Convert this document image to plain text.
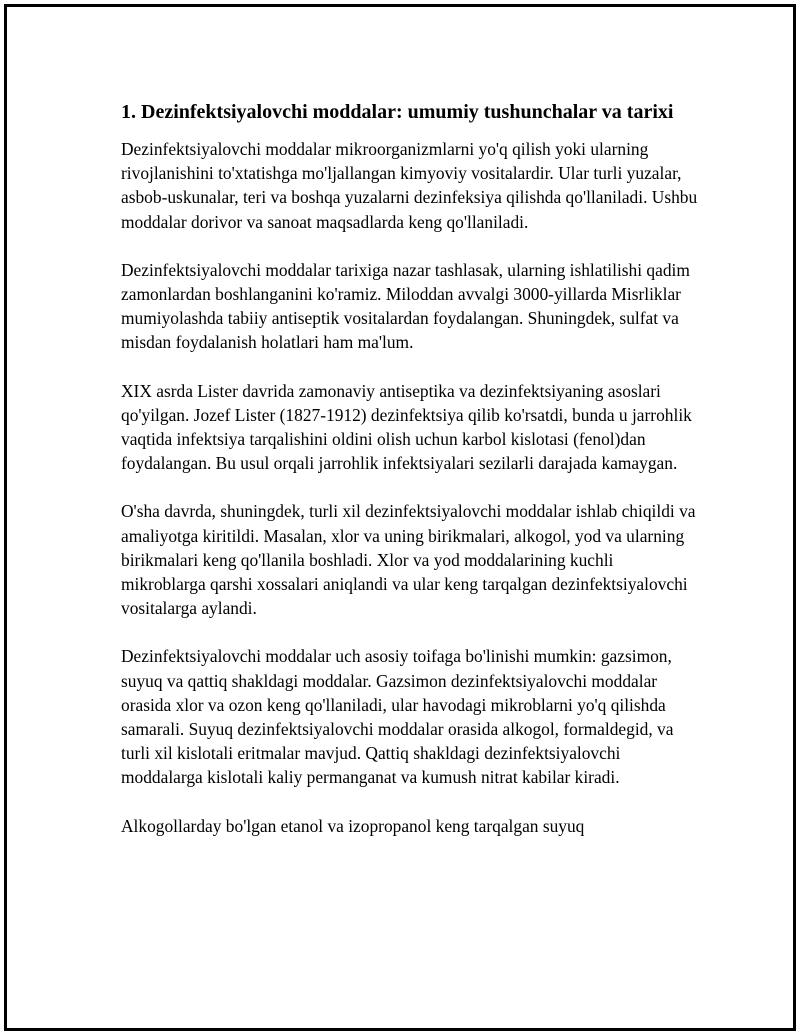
1. Dezinfektsiyalovchi moddalar: umumiy tushunchalar va tarixi

Dezinfektsiyalovchi moddalar mikroorganizmlarni yo'q qilish yoki ularning rivojlanishini to'xtatishga mo'ljallangan kimyoviy vositalardir. Ular turli yuzalar, asbob-uskunalar, teri va boshqa yuzalarni dezinfeksiya qilishda qo'llaniladi. Ushbu moddalar dorivor va sanoat maqsadlarda keng qo'llaniladi.

Dezinfektsiyalovchi moddalar tarixiga nazar tashlasak, ularning ishlatilishi qadim zamonlardan boshlanganini ko'ramiz. Miloddan avvalgi 3000-yillarda Misrliklar mumiyolashda tabiiy antiseptik vositalardan foydalangan. Shuningdek, sulfat va misdan foydalanish holatlari ham ma'lum.

XIX asrda Lister davrida zamonaviy antiseptika va dezinfektsiyaning asoslari qo'yilgan. Jozef Lister (1827-1912) dezinfektsiya qilib ko'rsatdi, bunda u jarrohlik vaqtida infektsiya tarqalishini oldini olish uchun karbol kislotasi (fenol)dan foydalangan. Bu usul orqali jarrohlik infektsiyalari sezilarli darajada kamaygan.

O'sha davrda, shuningdek, turli xil dezinfektsiyalovchi moddalar ishlab chiqildi va amaliyotga kiritildi. Masalan, xlor va uning birikmalari, alkogol, yod va ularning birikmalari keng qo'llanila boshladi. Xlor va yod moddalarining kuchli mikroblarga qarshi xossalari aniqlandi va ular keng tarqalgan dezinfektsiyalovchi vositalarga aylandi.

Dezinfektsiyalovchi moddalar uch asosiy toifaga bo'linishi mumkin: gazsimon, suyuq va qattiq shakldagi moddalar. Gazsimon dezinfektsiyalovchi moddalar orasida xlor va ozon keng qo'llaniladi, ular havodagi mikroblarni yo'q qilishda samarali. Suyuq dezinfektsiyalovchi moddalar orasida alkogol, formaldegid, va turli xil kislotali eritmalar mavjud. Qattiq shakldagi dezinfektsiyalovchi moddalarga kislotali kaliy permanganat va kumush nitrat kabilar kiradi.

Alkogollarday bo'lgan etanol va izopropanol keng tarqalgan suyuq
